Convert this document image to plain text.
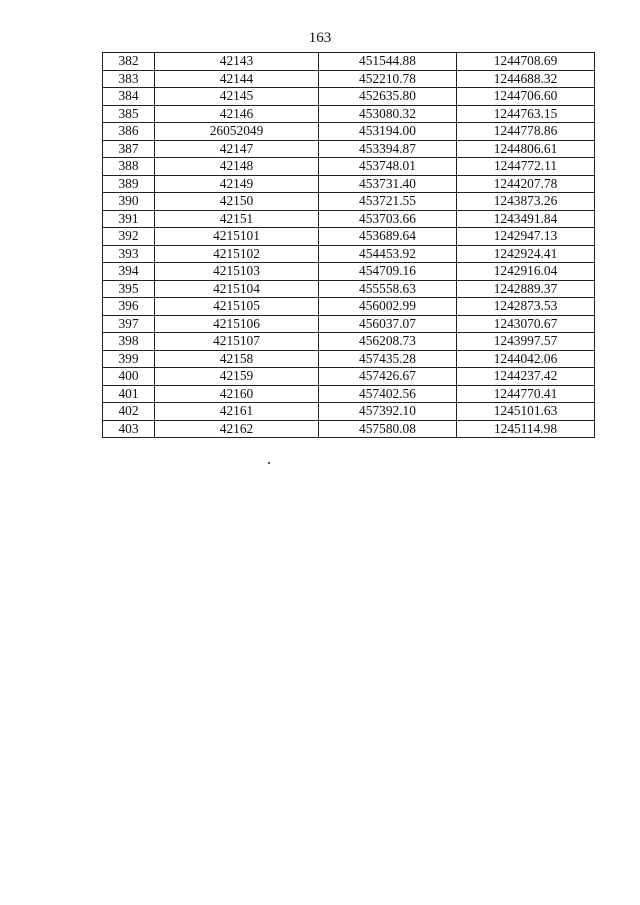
163
382	42143	451544.88	1244708.69
383	42144	452210.78	1244688.32
384	42145	452635.80	1244706.60
385	42146	453080.32	1244763.15
386	26052049	453194.00	1244778.86
387	42147	453394.87	1244806.61
388	42148	453748.01	1244772.11
389	42149	453731.40	1244207.78
390	42150	453721.55	1243873.26
391	42151	453703.66	1243491.84
392	4215101	453689.64	1242947.13
393	4215102	454453.92	1242924.41
394	4215103	454709.16	1242916.04
395	4215104	455558.63	1242889.37
396	4215105	456002.99	1242873.53
397	4215106	456037.07	1243070.67
398	4215107	456208.73	1243997.57
399	42158	457435.28	1244042.06
400	42159	457426.67	1244237.42
401	42160	457402.56	1244770.41
402	42161	457392.10	1245101.63
403	42162	457580.08	1245114.98
